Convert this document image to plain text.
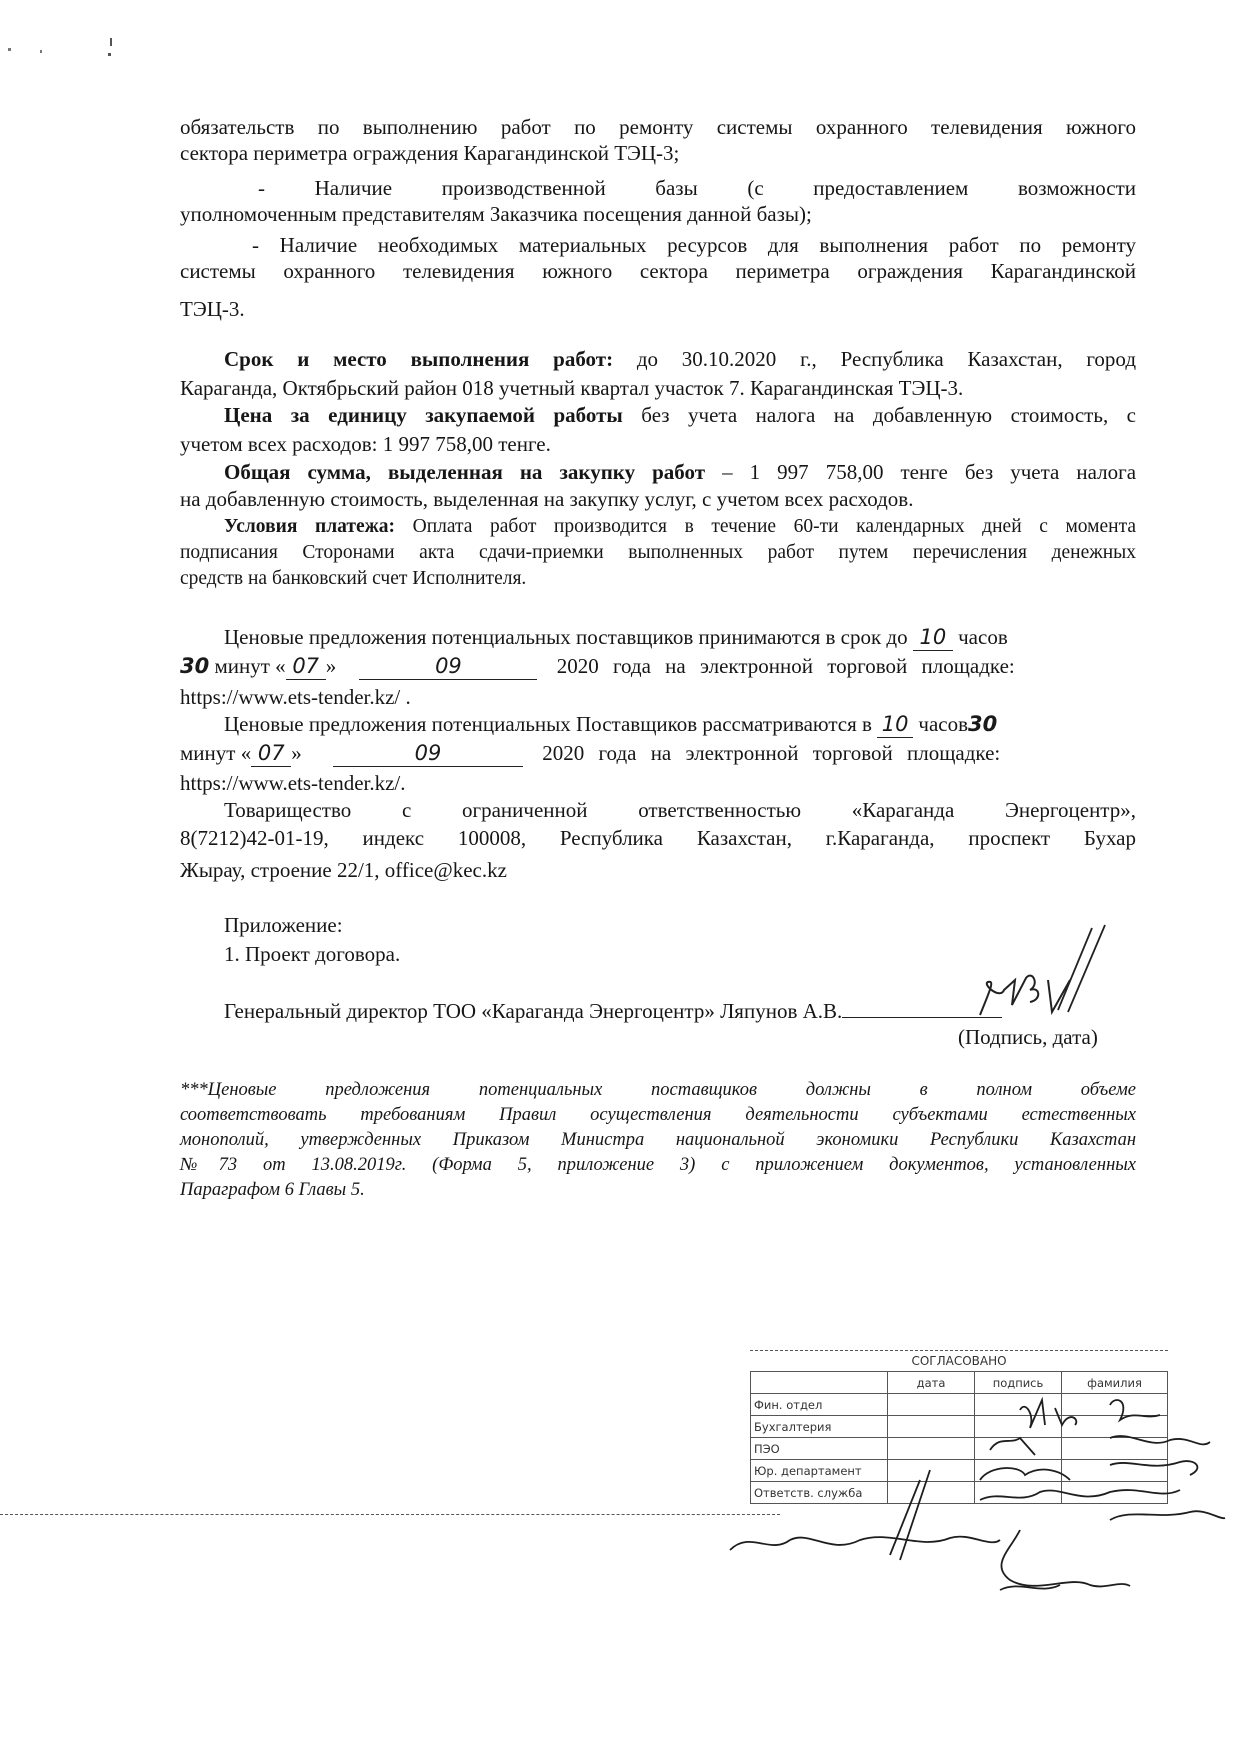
обязательств по выполнению работ по ремонту системы охранного телевидения южного
сектора периметра ограждения Карагандинской ТЭЦ-3;
- Наличие производственной базы (с предоставлением возможности
уполномоченным представителям Заказчика посещения данной базы);
- Наличие необходимых материальных ресурсов для выполнения работ по ремонту
системы охранного телевидения южного сектора периметра ограждения Карагандинской
ТЭЦ-3.
Срок и место выполнения работ: до 30.10.2020 г., Республика Казахстан, город
Караганда, Октябрьский район 018 учетный квартал участок 7. Карагандинская ТЭЦ-3.
Цена за единицу закупаемой работы без учета налога на добавленную стоимость, с
учетом всех расходов: 1 997 758,00 тенге.
Общая сумма, выделенная на закупку работ – 1 997 758,00 тенге без учета налога
на добавленную стоимость, выделенная на закупку услуг, с учетом всех расходов.
Условия платежа: Оплата работ производится в течение 60-ти календарных дней с момента
подписания Сторонами акта сдачи-приемки выполненных работ путем перечисления денежных
средств на банковский счет Исполнителя.
Ценовые предложения потенциальных поставщиков принимаются в срок до 10 часов
30 минут « 07 »	09	2020 года на электронной торговой площадке:
https://www.ets-tender.kz/ .
Ценовые предложения потенциальных Поставщиков рассматриваются в 10 часов30
минут « 07 »	09	2020 года на электронной торговой площадке:
https://www.ets-tender.kz/.
Товарищество с ограниченной ответственностью «Караганда Энергоцентр»,
8(7212)42-01-19, индекс 100008, Республика Казахстан, г.Караганда, проспект Бухар
Жырау, строение 22/1, office@kec.kz
Приложение:
1. Проект договора.
Генеральный директор ТОО «Караганда Энергоцентр» Ляпунов А.В.
(Подпись, дата)
***Ценовые предложения потенциальных поставщиков должны в полном объеме
соответствовать требованиям Правил осуществления деятельности субъектами естественных
монополий, утвержденных Приказом Министра национальной экономики Республики Казахстан
№73 от 13.08.2019г. (Форма 5, приложение 3) с приложением документов, установленных
Параграфом 6 Главы 5.
СОГЛАСОВАНО
	дата	подпись	фамилия
Фин. отдел			
Бухгалтерия			
ПЭО			
Юр. департамент			
Ответств. служба			
